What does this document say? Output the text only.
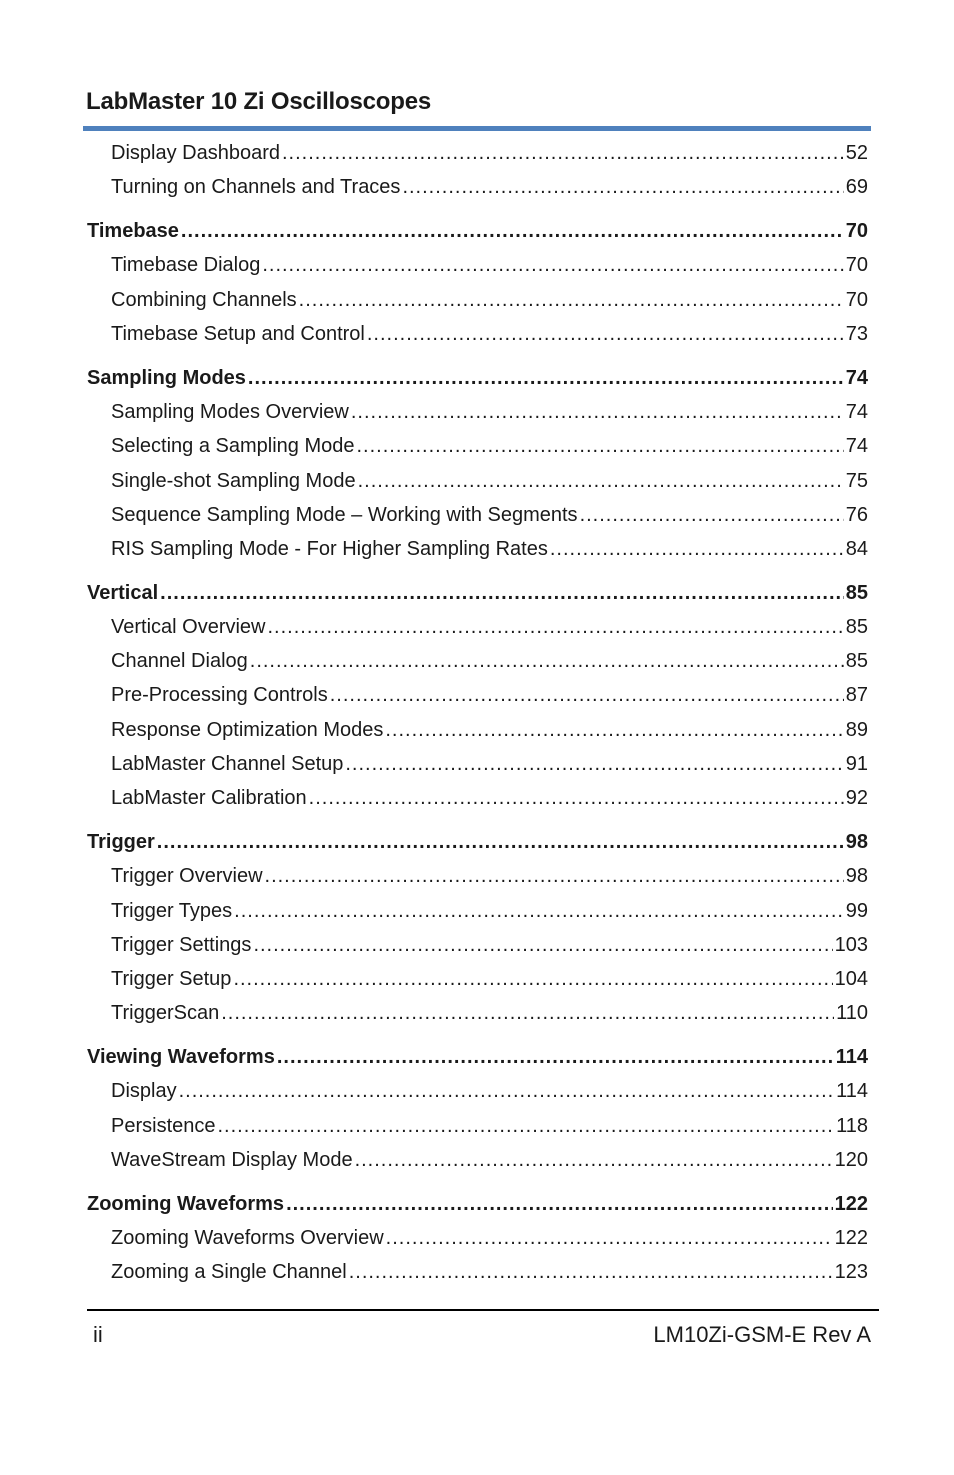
LabMaster 10 Zi Oscilloscopes
Display Dashboard .....	52
Turning on Channels and Traces .....	69
Timebase .....	70
Timebase Dialog .....	70
Combining Channels .....	70
Timebase Setup and Control .....	73
Sampling Modes .....	74
Sampling Modes Overview .....	74
Selecting a Sampling Mode .....	74
Single-shot Sampling Mode .....	75
Sequence Sampling Mode – Working with Segments .....	76
RIS Sampling Mode - For Higher Sampling Rates .....	84
Vertical .....	85
Vertical Overview .....	85
Channel Dialog .....	85
Pre-Processing Controls .....	87
Response Optimization Modes .....	89
LabMaster Channel Setup .....	91
LabMaster Calibration .....	92
Trigger .....	98
Trigger Overview .....	98
Trigger Types .....	99
Trigger Settings .....	103
Trigger Setup .....	104
TriggerScan .....	110
Viewing Waveforms .....	114
Display .....	114
Persistence .....	118
WaveStream Display Mode .....	120
Zooming Waveforms .....	122
Zooming Waveforms Overview .....	122
Zooming a Single Channel .....	123
ii	LM10Zi-GSM-E Rev A
